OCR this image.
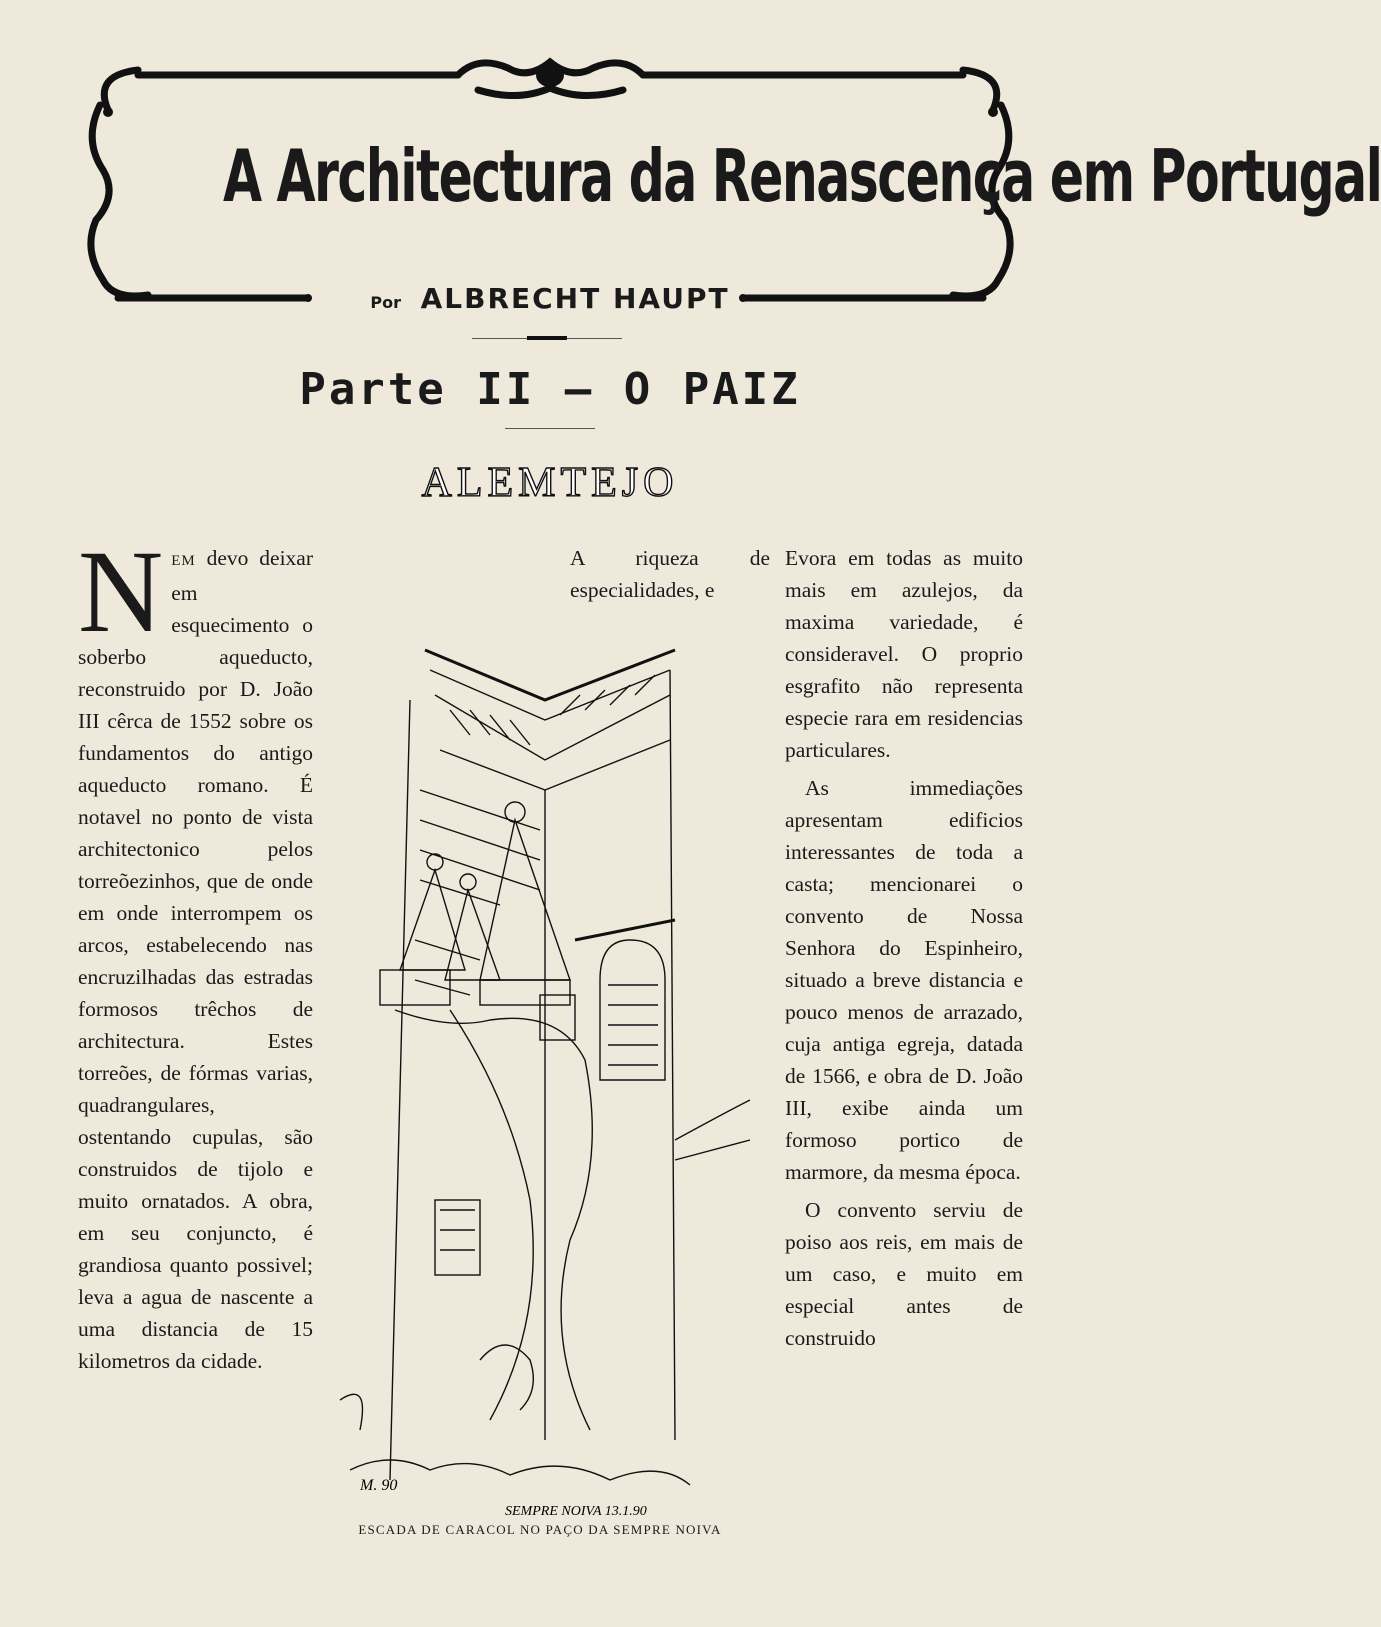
A Architectura da Renascença em Portugal
Por ALBRECHT HAUPT
Parte II — O PAIZ
ALEMTEJO
N EM devo deixar em esquecimento o soberbo aqueducto, reconstruido por D. João III cêrca de 1552 sobre os fundamentos do antigo aqueducto romano. É notavel no ponto de vista architectonico pelos torreõezinhos, que de onde em onde interrompem os arcos, estabelecendo nas encruzilhadas das estradas formosos trêchos de architectura. Estes torreões, de fórmas varias, quadrangulares, ostentando cupulas, são construidos de tijolo e muito ornatados. A obra, em seu conjuncto, é grandiosa quanto possivel; leva a agua de nascente a uma distancia de 15 kilometros da cidade.
A riqueza de especialidades, e

Evora em todas as muito mais em azulejos, da maxima variedade, é consideravel. O proprio esgrafito não representa especie rara em residencias particulares.

As immediações apresentam edificios interessantes de toda a casta; mencionarei o convento de Nossa Senhora do Espinheiro, situado a breve distancia e pouco menos de arrazado, cuja antiga egreja, datada de 1566, e obra de D. João III, exibe ainda um formoso portico de marmore, da mesma época.

O convento serviu de poiso aos reis, em mais de um caso, e muito em especial antes de construido

M. 90
SEMPRE NOIVA 13.1.90
ESCADA DE CARACOL NO PAÇO DA SEMPRE NOIVA
